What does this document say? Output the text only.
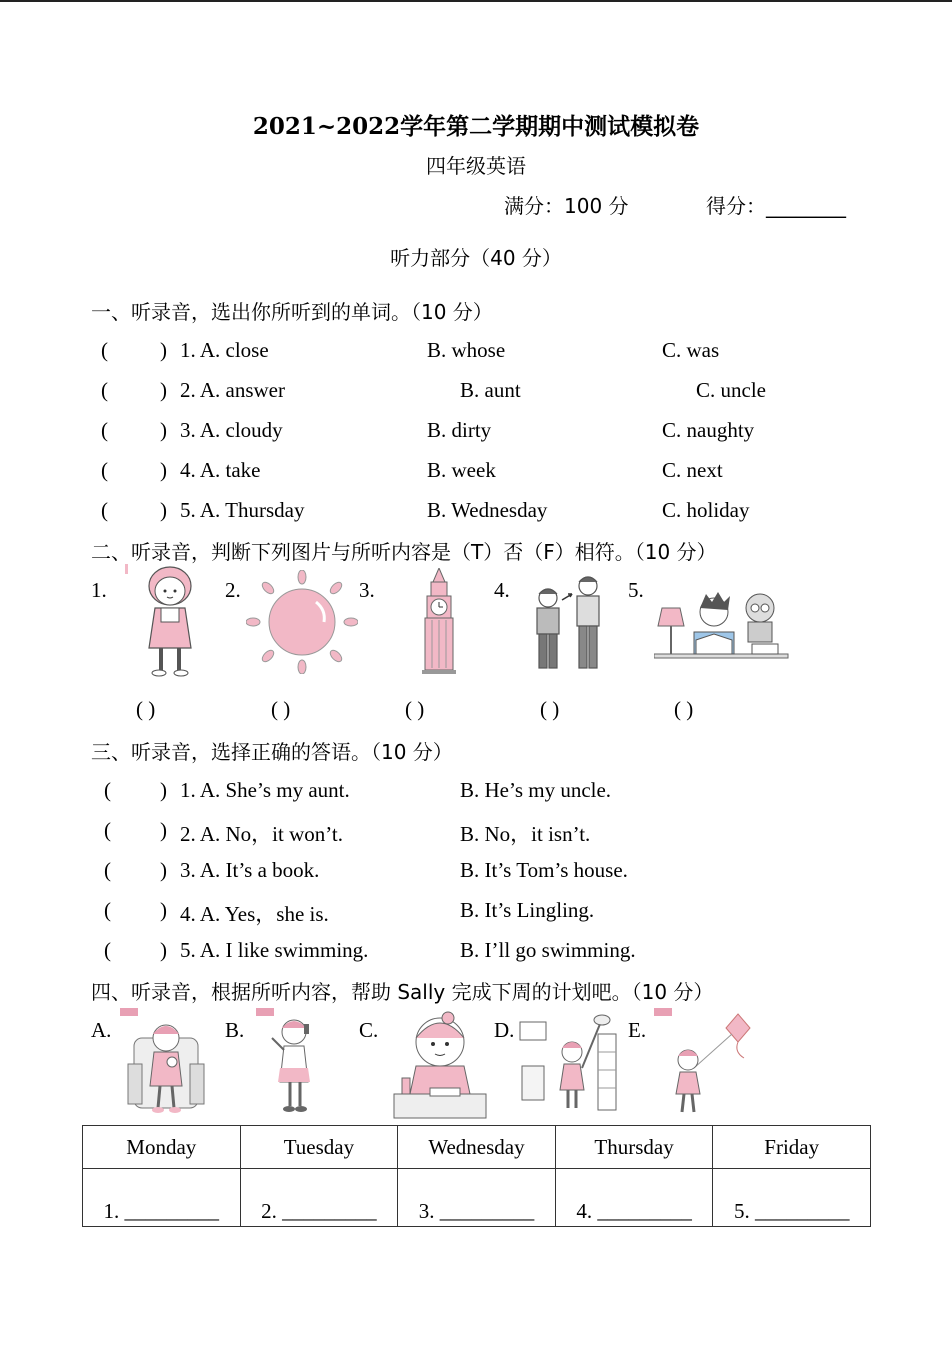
2021~2022学年第二学期期中测试模拟卷
四年级英语
满分：100 分	得分：________
听力部分（40 分）
一、听录音，选出你所听到的单词。（10 分）
( ) 1. A. close	B. whose	C. was
( ) 2. A. answer	B. aunt	C. uncle
( ) 3. A. cloudy	B. dirty	C. naughty
( ) 4. A. take	B. week	C. next
( ) 5. A. Thursday	B. Wednesday	C. holiday
二、听录音，判断下列图片与所听内容是（T）否（F）相符。（10 分）
1.	2.	3.	4.	5.
( )	( )	( )	( )	( )
三、听录音，选择正确的答语。（10 分）
( ) 1. A. She’s my aunt.	B. He’s my uncle.
( ) 2. A. No，it won’t.	B. No，it isn’t.
( ) 3. A. It’s a book.	B. It’s Tom’s house.
( ) 4. A. Yes，she is.	B. It’s Lingling.
( ) 5. A. I like swimming.	B. I’ll go swimming.
四、听录音，根据所听内容，帮助 Sally 完成下周的计划吧。（10 分）
A.	B.	C.	D.	E.
Monday	Tuesday	Wednesday	Thursday	Friday
1. _________	2. _________	3. _________	4. _________	5. _________
